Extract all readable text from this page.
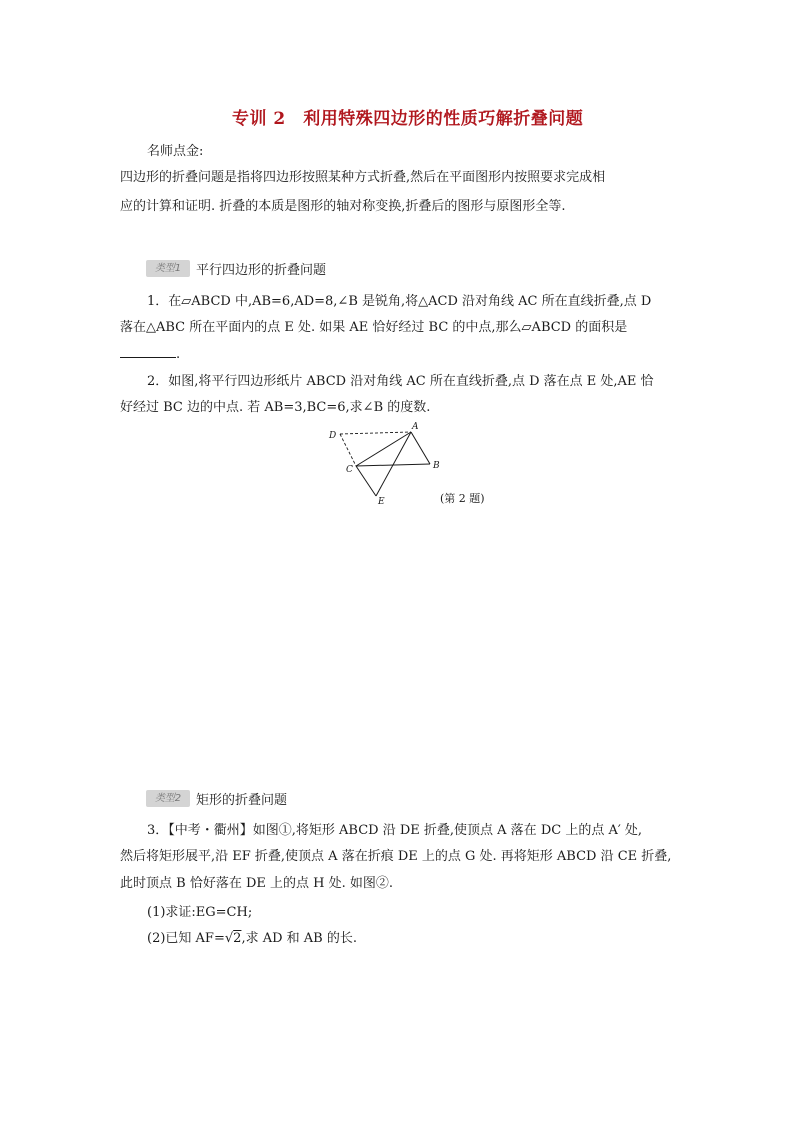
专训 2　利用特殊四边形的性质巧解折叠问题
名师点金:
四边形的折叠问题是指将四边形按照某种方式折叠,然后在平面图形内按照要求完成相
应的计算和证明. 折叠的本质是图形的轴对称变换,折叠后的图形与原图形全等.
类型1 平行四边形的折叠问题
1．在▱ABCD 中,AB=6,AD=8,∠B 是锐角,将△ACD 沿对角线 AC 所在直线折叠,点 D
落在△ABC 所在平面内的点 E 处. 如果 AE 恰好经过 BC 的中点,那么▱ABCD 的面积是
.
2．如图,将平行四边形纸片 ABCD 沿对角线 AC 所在直线折叠,点 D 落在点 E 处,AE 恰
好经过 BC 边的中点. 若 AB=3,BC=6,求∠B 的度数.
D
A
B
C
E	(第 2 题)
类型2 矩形的折叠问题
3．【中考・衢州】如图①,将矩形 ABCD 沿 DE 折叠,使顶点 A 落在 DC 上的点 A′ 处,
然后将矩形展平,沿 EF 折叠,使顶点 A 落在折痕 DE 上的点 G 处. 再将矩形 ABCD 沿 CE 折叠,
此时顶点 B 恰好落在 DE 上的点 H 处. 如图②.
(1)求证:EG=CH;
(2)已知 AF=√2,求 AD 和 AB 的长.
